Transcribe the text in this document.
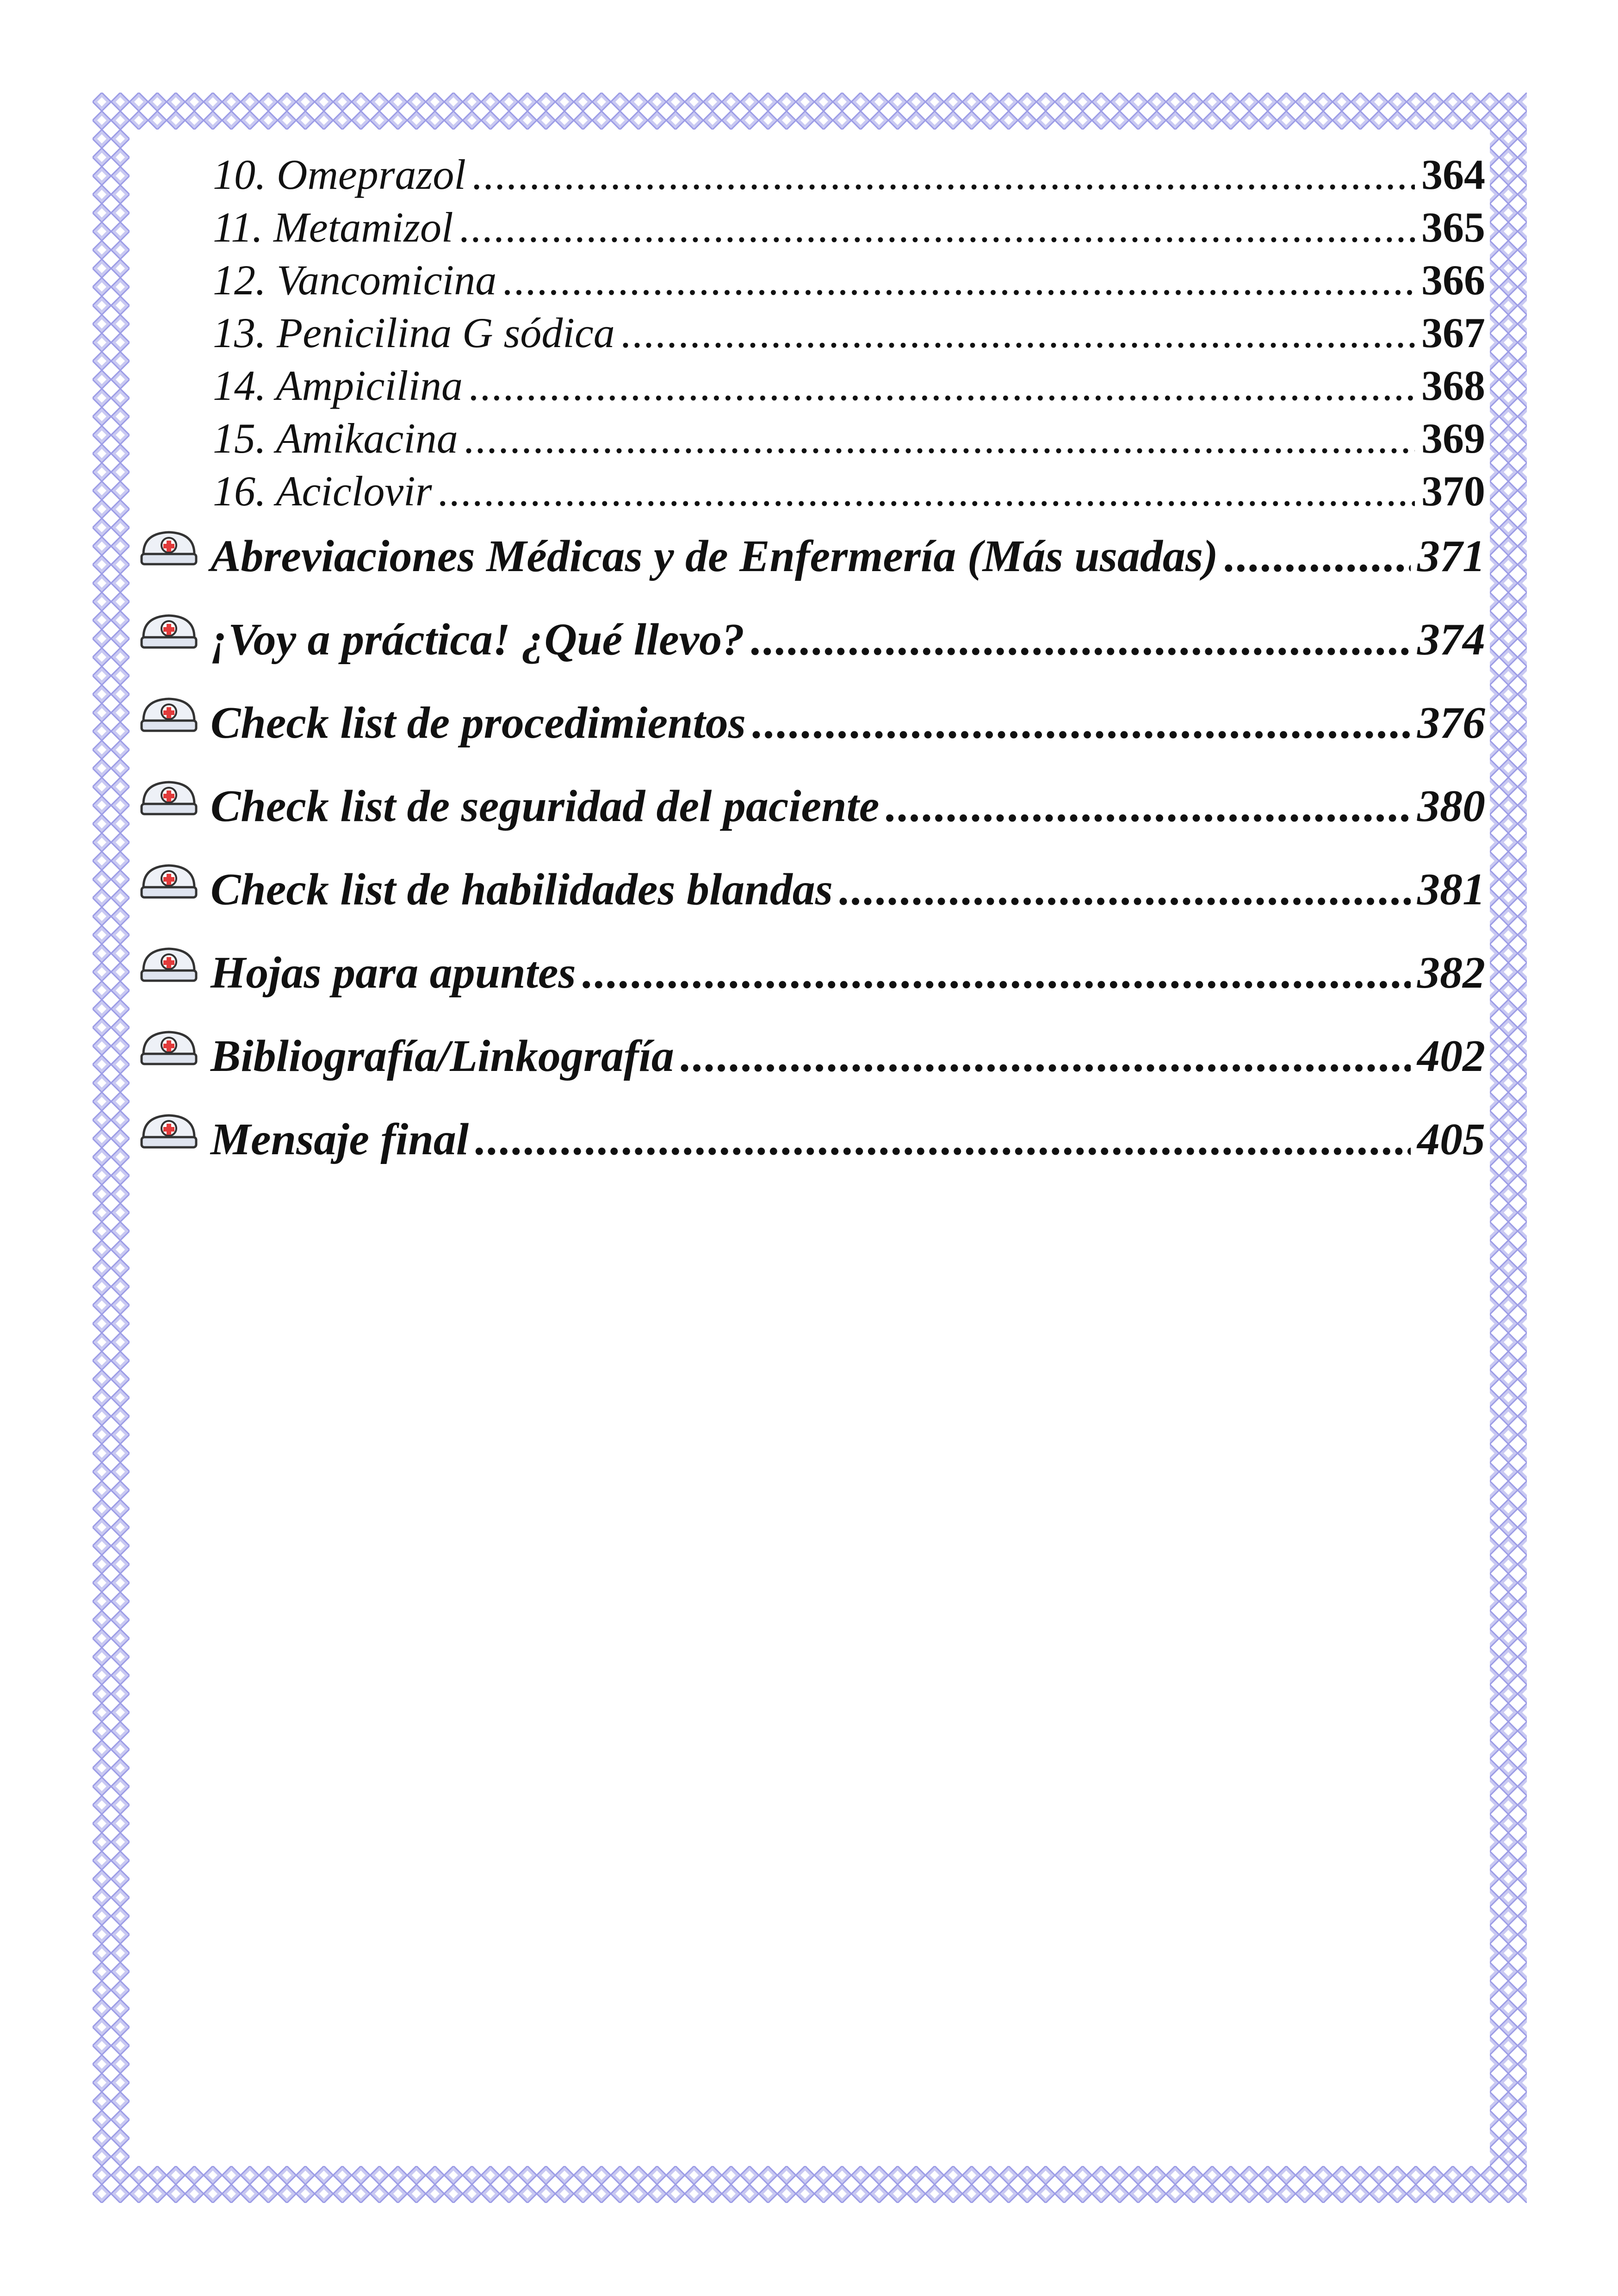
10. Omeprazol .....	364
11. Metamizol .....	365
12. Vancomicina .....	366
13. Penicilina G sódica .....	367
14. Ampicilina .....	368
15. Amikacina .....	369
16. Aciclovir .....	370
Abreviaciones Médicas y de Enfermería (Más usadas) .....	371
¡Voy a práctica! ¿Qué llevo? .....	374
Check list de procedimientos .....	376
Check list de seguridad del paciente .....	380
Check list de habilidades blandas .....	381
Hojas para apuntes .....	382
Bibliografía/Linkografía .....	402
Mensaje final .....	405
